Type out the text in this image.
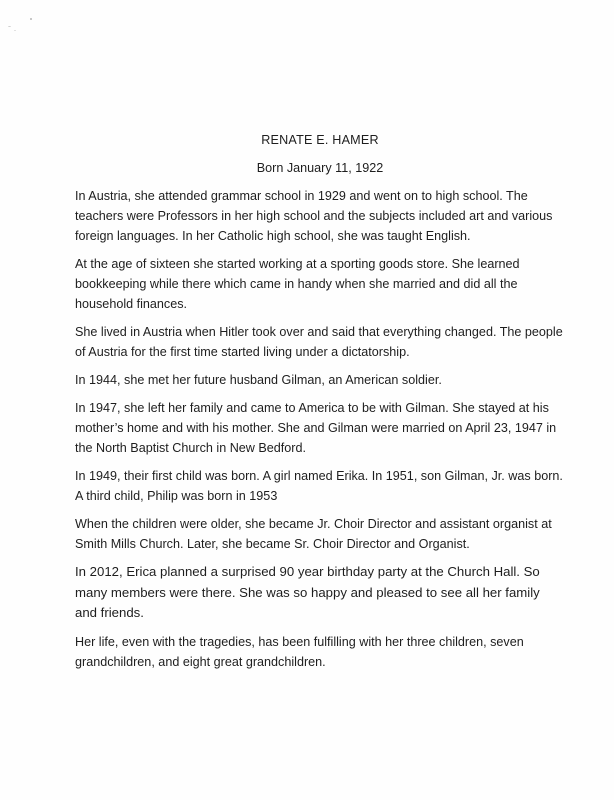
RENATE E. HAMER

Born January 11, 1922

In Austria, she attended grammar school in 1929 and went on to high school. The teachers were Professors in her high school and the subjects included art and various foreign languages. In her Catholic high school, she was taught English.

At the age of sixteen she started working at a sporting goods store. She learned bookkeeping while there which came in handy when she married and did all the household finances.

She lived in Austria when Hitler took over and said that everything changed. The people of Austria for the first time started living under a dictatorship.

In 1944, she met her future husband Gilman, an American soldier.

In 1947, she left her family and came to America to be with Gilman. She stayed at his mother’s home and with his mother. She and Gilman were married on April 23, 1947 in the North Baptist Church in New Bedford.

In 1949, their first child was born. A girl named Erika. In 1951, son Gilman, Jr. was born. A third child, Philip was born in 1953

When the children were older, she became Jr. Choir Director and assistant organist at Smith Mills Church. Later, she became Sr. Choir Director and Organist.

In 2012, Erica planned a surprised 90 year birthday party at the Church Hall. So many members were there. She was so happy and pleased to see all her family and friends.

Her life, even with the tragedies, has been fulfilling with her three children, seven grandchildren, and eight great grandchildren.
